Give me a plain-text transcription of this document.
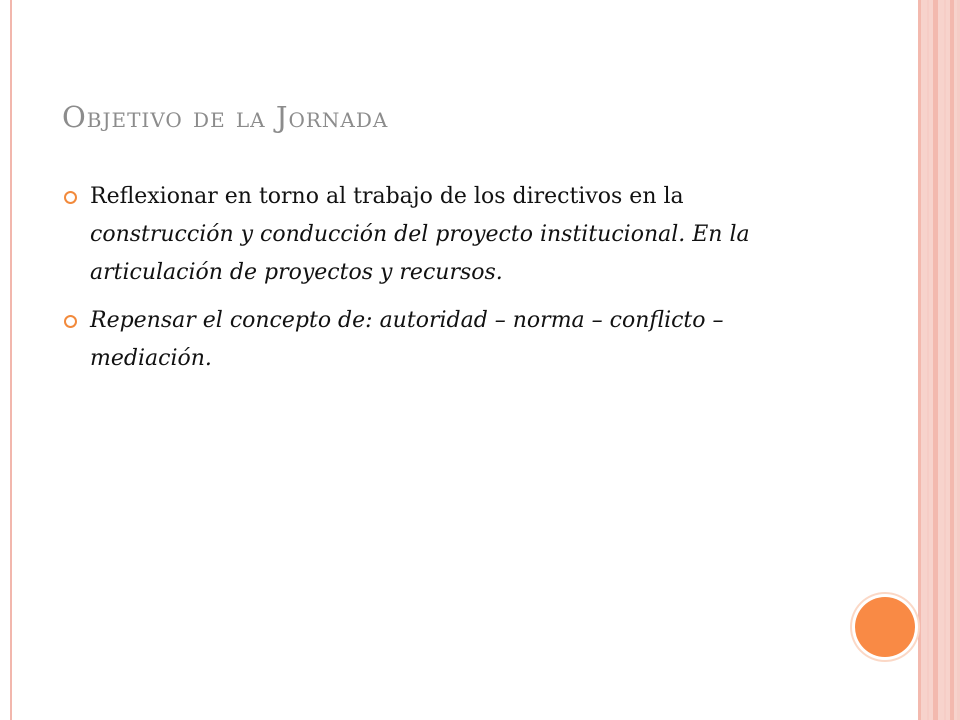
Objetivo de la Jornada
Reflexionar en torno al trabajo de los directivos en la construcción y conducción del proyecto institucional. En la articulación de proyectos y recursos.
Repensar el concepto de: autoridad – norma – conflicto – mediación.
